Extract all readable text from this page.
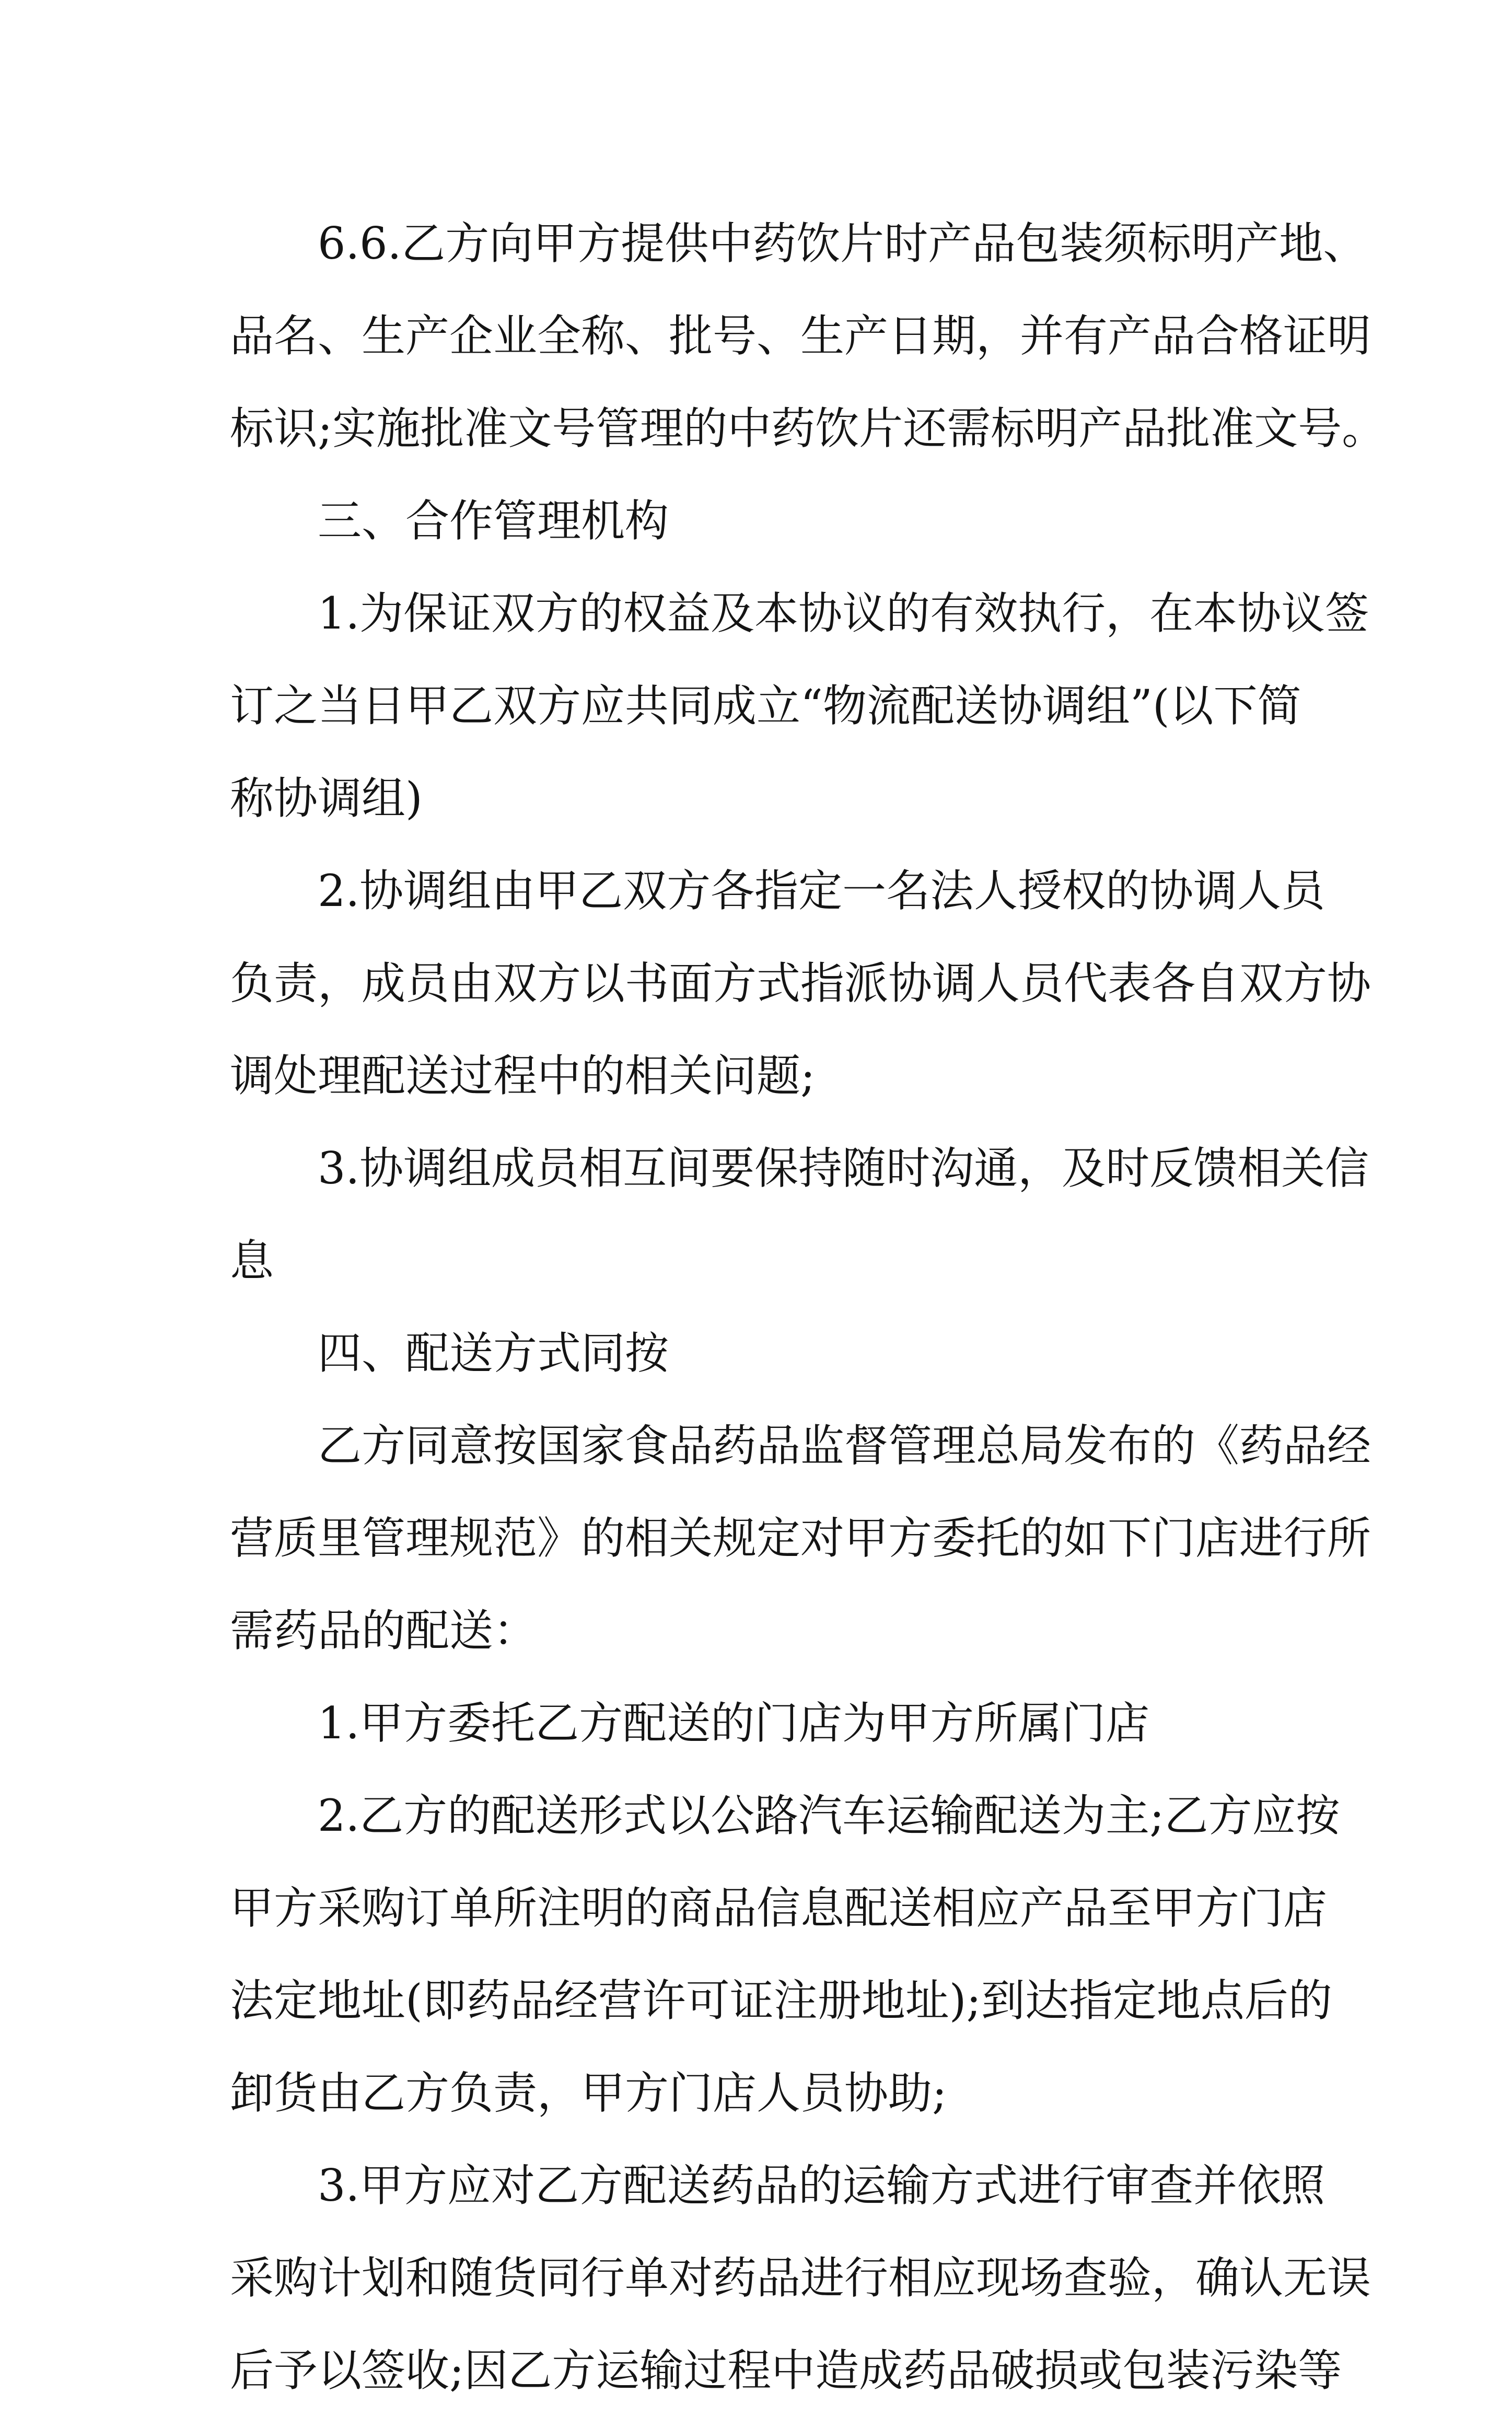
6.6.乙方向甲方提供中药饮片时产品包装须标明产地、
品名、生产企业全称、批号、生产日期，并有产品合格证明
标识;实施批准文号管理的中药饮片还需标明产品批准文号。
三、合作管理机构
1.为保证双方的权益及本协议的有效执行，在本协议签
订之当日甲乙双方应共同成立“物流配送协调组”(以下简
称协调组)
2.协调组由甲乙双方各指定一名法人授权的协调人员
负责，成员由双方以书面方式指派协调人员代表各自双方协
调处理配送过程中的相关问题;
3.协调组成员相互间要保持随时沟通，及时反馈相关信
息
四、配送方式同按
乙方同意按国家食品药品监督管理总局发布的《药品经
营质里管理规范》的相关规定对甲方委托的如下门店进行所
需药品的配送：
1.甲方委托乙方配送的门店为甲方所属门店
2.乙方的配送形式以公路汽车运输配送为主;乙方应按
甲方采购订单所注明的商品信息配送相应产品至甲方门店
法定地址(即药品经营许可证注册地址);到达指定地点后的
卸货由乙方负责，甲方门店人员协助;
3.甲方应对乙方配送药品的运输方式进行审查并依照
采购计划和随货同行单对药品进行相应现场查验，确认无误
后予以签收;因乙方运输过程中造成药品破损或包装污染等
